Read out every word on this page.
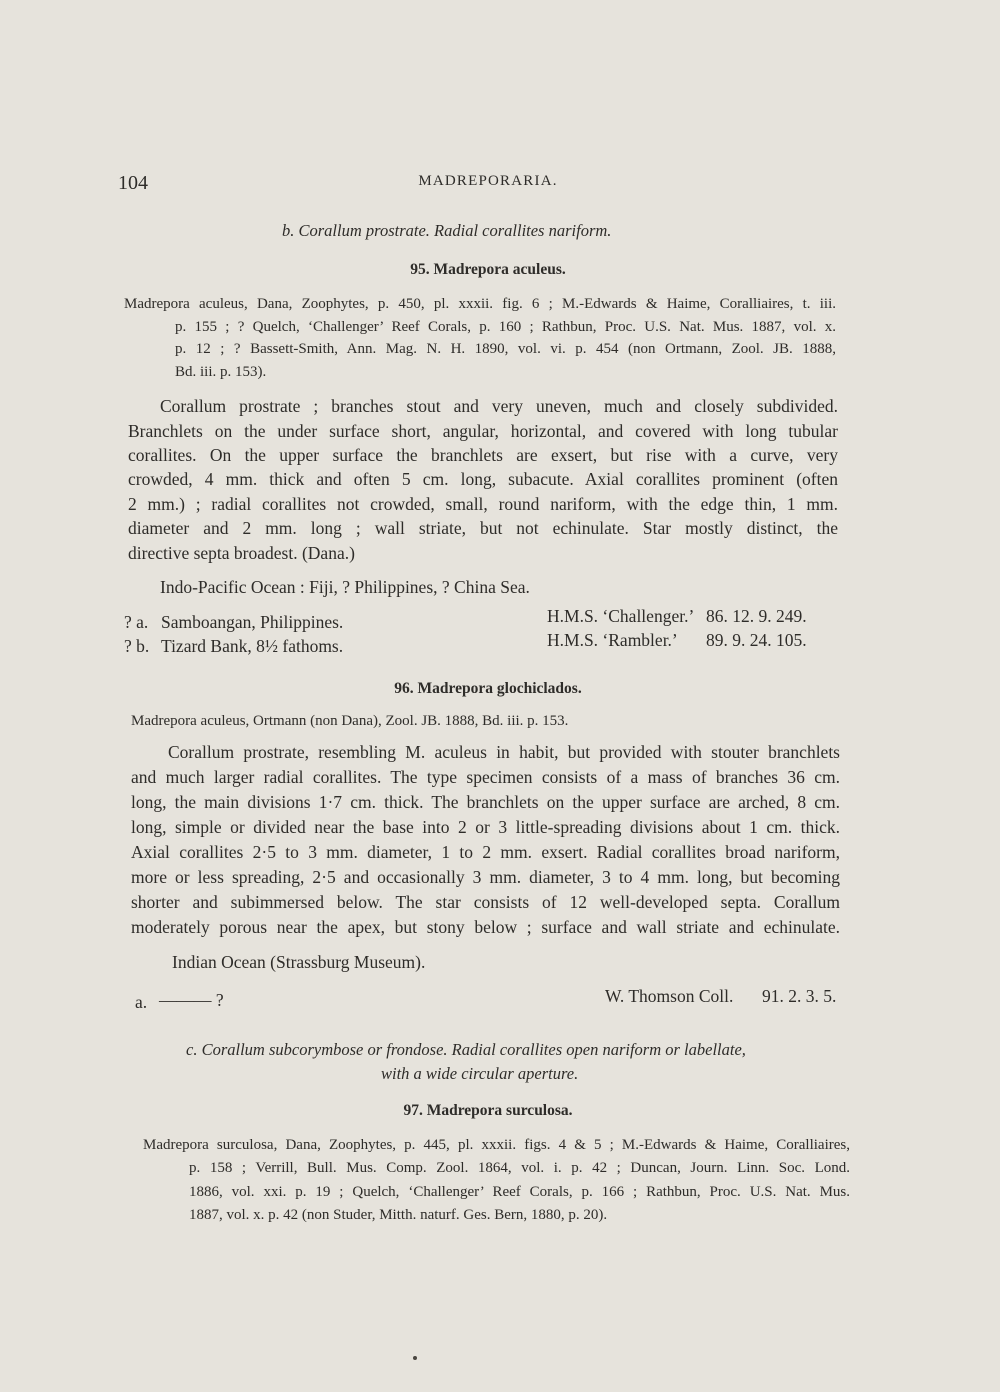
104	MADREPORARIA.
b. Corallum prostrate. Radial corallites nariform.
95. Madrepora aculeus.
Madrepora aculeus, Dana, Zoophytes, p. 450, pl. xxxii. fig. 6 ; M.-Edwards & Haime, Coralliaires, t. iii.
p. 155 ; ? Quelch, ‘Challenger’ Reef Corals, p. 160 ; Rathbun, Proc. U.S. Nat. Mus. 1887, vol. x.
p. 12 ; ? Bassett-Smith, Ann. Mag. N. H. 1890, vol. vi. p. 454 (non Ortmann, Zool. JB. 1888,
Bd. iii. p. 153).
Corallum prostrate ; branches stout and very uneven, much and closely subdivided.
Branchlets on the under surface short, angular, horizontal, and covered with long tubular
corallites. On the upper surface the branchlets are exsert, but rise with a curve, very
crowded, 4 mm. thick and often 5 cm. long, subacute. Axial corallites prominent (often
2 mm.) ; radial corallites not crowded, small, round nariform, with the edge thin, 1 mm.
diameter and 2 mm. long ; wall striate, but not echinulate. Star mostly distinct, the
directive septa broadest. (Dana.)
Indo-Pacific Ocean : Fiji, ? Philippines, ? China Sea.
? a. Samboangan, Philippines.	H.M.S. ‘Challenger.’ 86. 12. 9. 249.
? b. Tizard Bank, 8½ fathoms.	H.M.S. ‘Rambler.’ 89. 9. 24. 105.
96. Madrepora glochiclados.
Madrepora aculeus, Ortmann (non Dana), Zool. JB. 1888, Bd. iii. p. 153.
Corallum prostrate, resembling M. aculeus in habit, but provided with stouter branchlets
and much larger radial corallites. The type specimen consists of a mass of branches 36 cm.
long, the main divisions 1·7 cm. thick. The branchlets on the upper surface are arched, 8 cm.
long, simple or divided near the base into 2 or 3 little-spreading divisions about 1 cm. thick.
Axial corallites 2·5 to 3 mm. diameter, 1 to 2 mm. exsert. Radial corallites broad nariform,
more or less spreading, 2·5 and occasionally 3 mm. diameter, 3 to 4 mm. long, but becoming
shorter and subimmersed below. The star consists of 12 well-developed septa. Corallum
moderately porous near the apex, but stony below ; surface and wall striate and echinulate.
Indian Ocean (Strassburg Museum).
a. ——— ?	W. Thomson Coll. 91. 2. 3. 5.
c. Corallum subcorymbose or frondose. Radial corallites open nariform or labellate,
with a wide circular aperture.
97. Madrepora surculosa.
Madrepora surculosa, Dana, Zoophytes, p. 445, pl. xxxii. figs. 4 & 5 ; M.-Edwards & Haime, Coralliaires,
p. 158 ; Verrill, Bull. Mus. Comp. Zool. 1864, vol. i. p. 42 ; Duncan, Journ. Linn. Soc. Lond.
1886, vol. xxi. p. 19 ; Quelch, ‘Challenger’ Reef Corals, p. 166 ; Rathbun, Proc. U.S. Nat. Mus.
1887, vol. x. p. 42 (non Studer, Mitth. naturf. Ges. Bern, 1880, p. 20).
